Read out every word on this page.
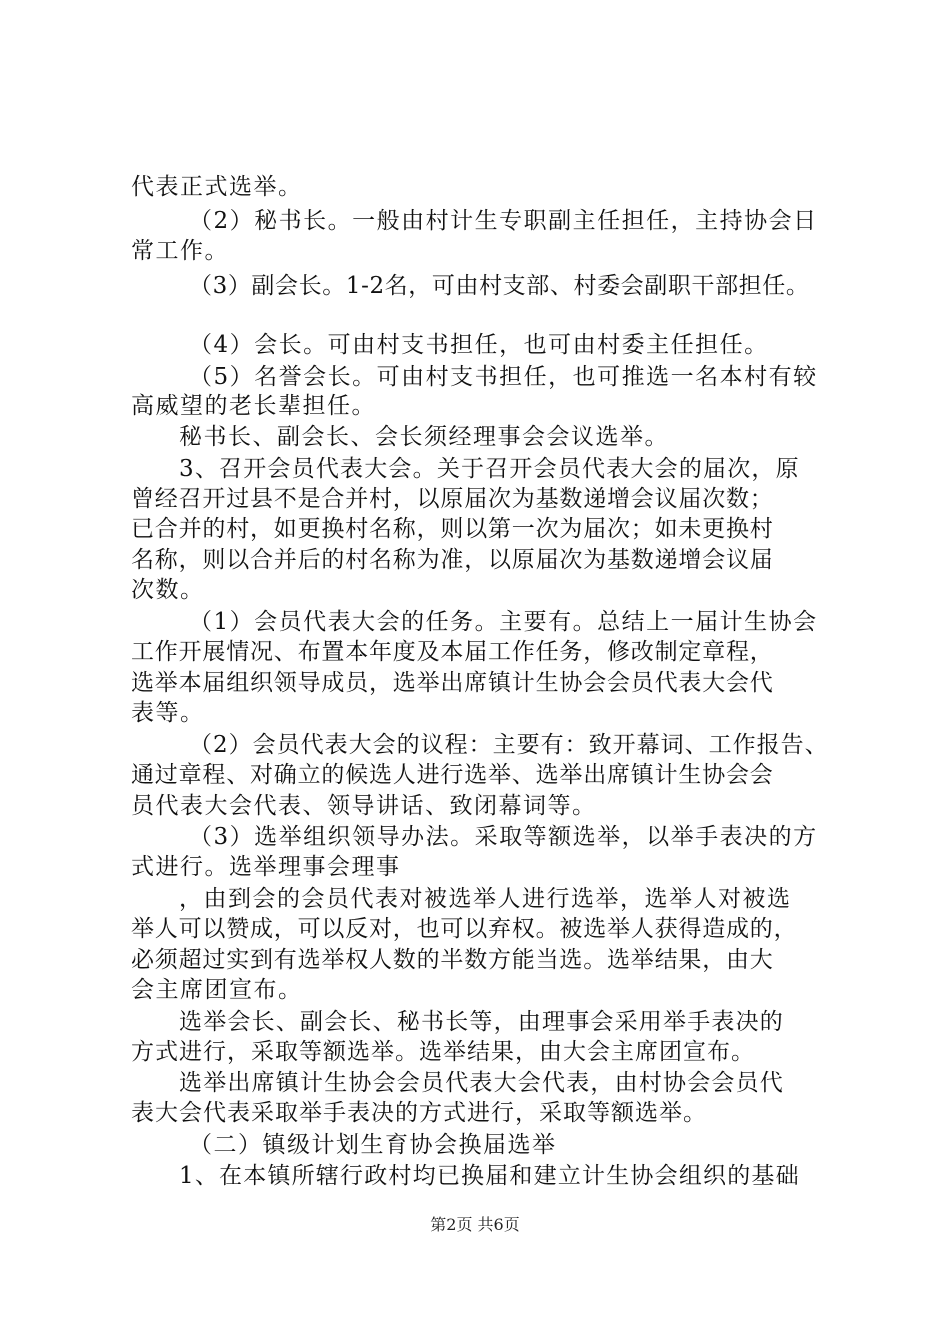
代表正式选举。
（2）秘书长。一般由村计生专职副主任担任，主持协会日
常工作。
（3）副会长。1-2名，可由村支部、村委会副职干部担任。
（4）会长。可由村支书担任，也可由村委主任担任。
（5）名誉会长。可由村支书担任，也可推选一名本村有较
高威望的老长辈担任。
秘书长、副会长、会长须经理事会会议选举。
3、召开会员代表大会。关于召开会员代表大会的届次，原
曾经召开过县不是合并村，以原届次为基数递增会议届次数；
已合并的村，如更换村名称，则以第一次为届次；如未更换村
名称，则以合并后的村名称为准，以原届次为基数递增会议届
次数。
（1）会员代表大会的任务。主要有。总结上一届计生协会
工作开展情况、布置本年度及本届工作任务，修改制定章程，
选举本届组织领导成员，选举出席镇计生协会会员代表大会代
表等。
（2）会员代表大会的议程：主要有：致开幕词、工作报告、
通过章程、对确立的候选人进行选举、选举出席镇计生协会会
员代表大会代表、领导讲话、致闭幕词等。
（3）选举组织领导办法。采取等额选举，以举手表决的方
式进行。选举理事会理事
，由到会的会员代表对被选举人进行选举，选举人对被选
举人可以赞成，可以反对，也可以弃权。被选举人获得造成的，
必须超过实到有选举权人数的半数方能当选。选举结果，由大
会主席团宣布。
选举会长、副会长、秘书长等，由理事会采用举手表决的
方式进行，采取等额选举。选举结果，由大会主席团宣布。
选举出席镇计生协会会员代表大会代表，由村协会会员代
表大会代表采取举手表决的方式进行，采取等额选举。
（二）镇级计划生育协会换届选举
1、在本镇所辖行政村均已换届和建立计生协会组织的基础
第2页 共6页
